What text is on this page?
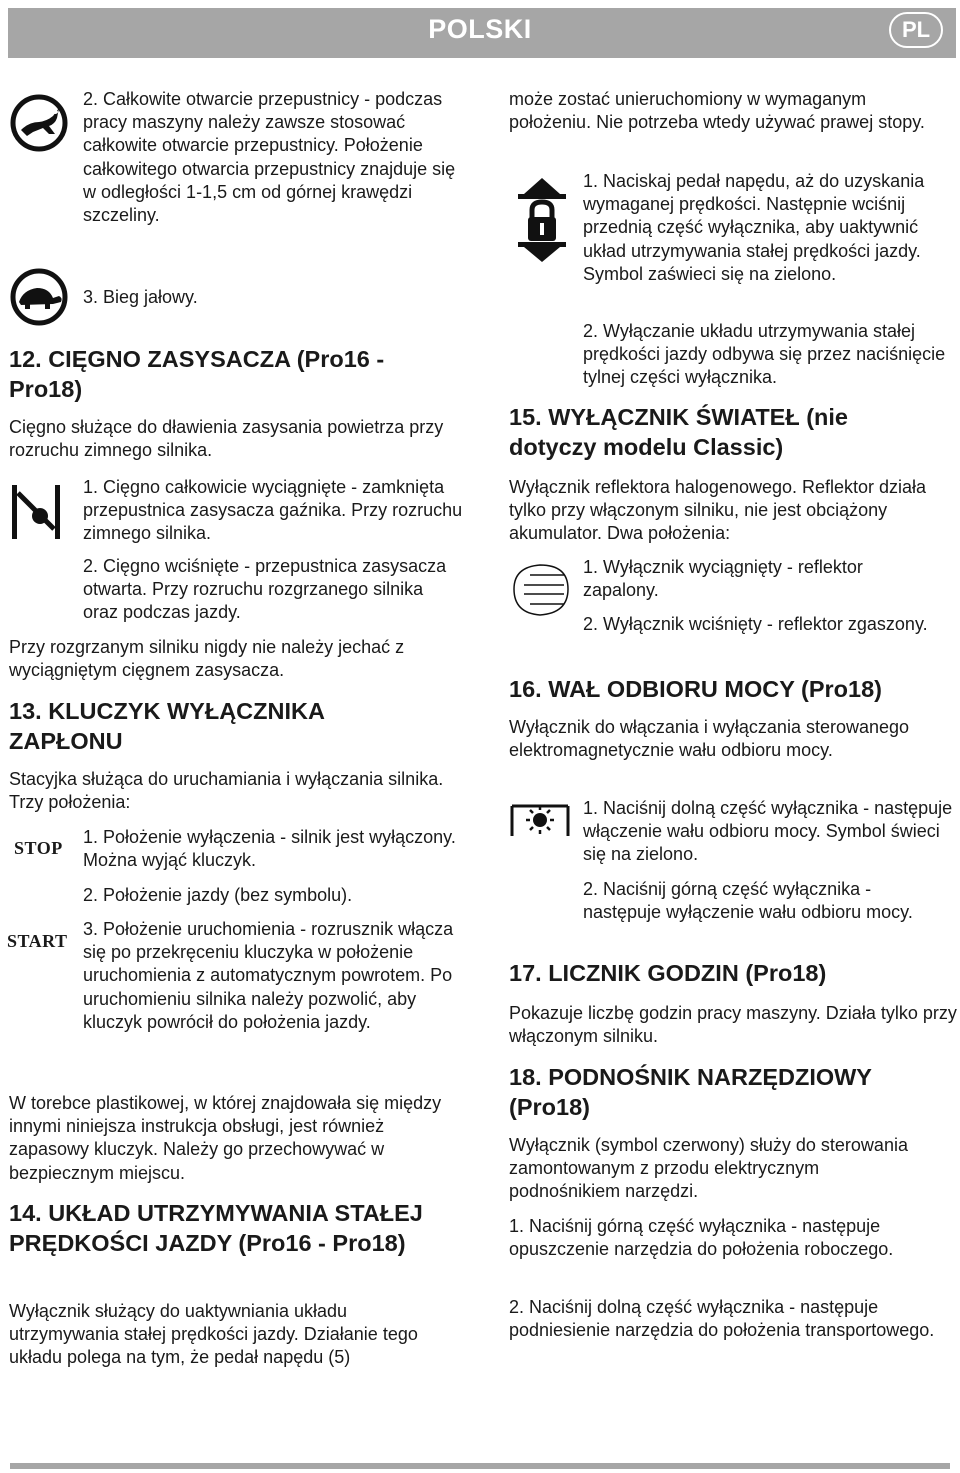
POLSKI	PL

2. Całkowite otwarcie przepustnicy - podczas pracy maszyny należy zawsze stosować całkowite otwarcie przepustnicy. Położenie całkowitego otwarcia przepustnicy znajduje się w odległości 1-1,5 cm od górnej krawędzi szczeliny.

3. Bieg jałowy.

12. CIĘGNO ZASYSACZA (Pro16 - Pro18)

Cięgno służące do dławienia zasysania powietrza przy rozruchu zimnego silnika.

1. Cięgno całkowicie wyciągnięte - zamknięta przepustnica zasysacza gaźnika. Przy rozruchu zimnego silnika.

2. Cięgno wciśnięte - przepustnica zasysacza otwarta. Przy rozruchu rozgrzanego silnika oraz podczas jazdy.

Przy rozgrzanym silniku nigdy nie należy jechać z wyciągniętym cięgnem zasysacza.

13. KLUCZYK WYŁĄCZNIKA ZAPŁONU

Stacyjka służąca do uruchamiania i wyłączania silnika. Trzy położenia:

STOP

1. Położenie wyłączenia - silnik jest wyłączony. Można wyjąć kluczyk.

2. Położenie jazdy (bez symbolu).

START

3. Położenie uruchomienia - rozrusznik włącza się po przekręceniu kluczyka w położenie uruchomienia z automatycznym powrotem. Po uruchomieniu silnika należy pozwolić, aby kluczyk powrócił do położenia jazdy.

W torebce plastikowej, w której znajdowała się między innymi niniejsza instrukcja obsługi, jest również zapasowy kluczyk. Należy go przechowywać w bezpiecznym miejscu.

14. UKŁAD UTRZYMYWANIA STAŁEJ PRĘDKOŚCI JAZDY (Pro16 - Pro18)

Wyłącznik służący do uaktywniania układu utrzymywania stałej prędkości jazdy. Działanie tego układu polega na tym, że pedał napędu (5)

może zostać unieruchomiony w wymaganym położeniu. Nie potrzeba wtedy używać prawej stopy.

1. Naciskaj pedał napędu, aż do uzyskania wymaganej prędkości. Następnie wciśnij przednią część wyłącznika, aby uaktywnić układ utrzymywania stałej prędkości jazdy. Symbol zaświeci się na zielono.

2. Wyłączanie układu utrzymywania stałej prędkości jazdy odbywa się przez naciśnięcie tylnej części wyłącznika.

15. WYŁĄCZNIK ŚWIATEŁ (nie dotyczy modelu Classic)

Wyłącznik reflektora halogenowego. Reflektor działa tylko przy włączonym silniku, nie jest obciążony akumulator. Dwa położenia:

1. Wyłącznik wyciągnięty - reflektor zapalony.

2. Wyłącznik wciśnięty - reflektor zgaszony.

16. WAŁ ODBIORU MOCY (Pro18)

Wyłącznik do włączania i wyłączania sterowanego elektromagnetycznie wału odbioru mocy.

1. Naciśnij dolną część wyłącznika - następuje włączenie wału odbioru mocy. Symbol świeci się na zielono.

2. Naciśnij górną część wyłącznika - następuje wyłączenie wału odbioru mocy.

17. LICZNIK GODZIN (Pro18)

Pokazuje liczbę godzin pracy maszyny. Działa tylko przy włączonym silniku.

18. PODNOŚNIK NARZĘDZIOWY (Pro18)

Wyłącznik (symbol czerwony) służy do sterowania zamontowanym z przodu elektrycznym podnośnikiem narzędzi.

1. Naciśnij górną część wyłącznika - następuje opuszczenie narzędzia do położenia roboczego.

2. Naciśnij dolną część wyłącznika - następuje podniesienie narzędzia do położenia transportowego.
